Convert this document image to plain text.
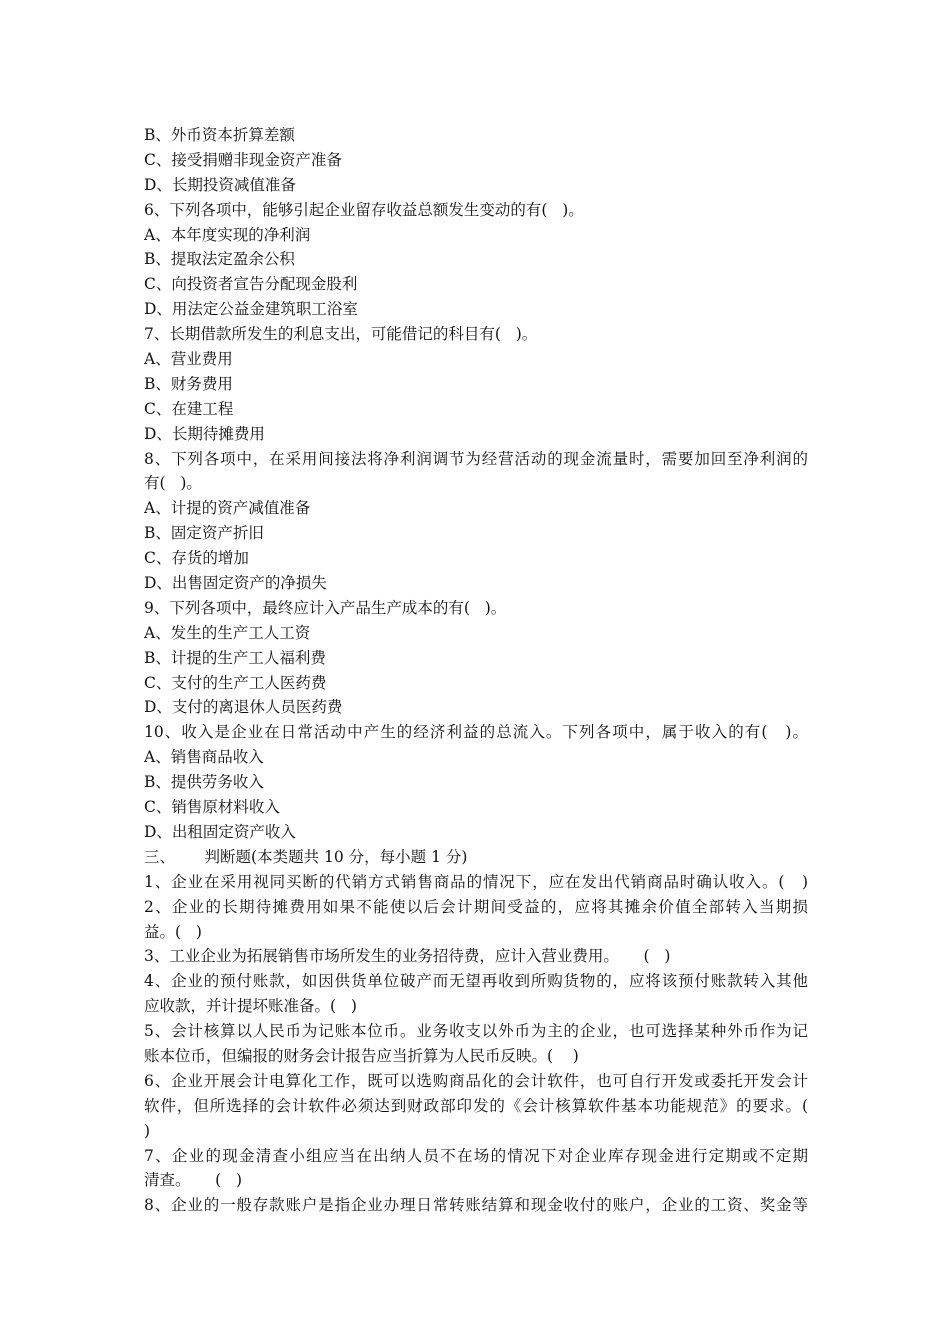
B、外币资本折算差额
C、接受捐赠非现金资产准备
D、长期投资减值准备
6、下列各项中，能够引起企业留存收益总额发生变动的有(   )。
A、本年度实现的净利润
B、提取法定盈余公积
C、向投资者宣告分配现金股利
D、用法定公益金建筑职工浴室
7、长期借款所发生的利息支出，可能借记的科目有(   )。
A、营业费用
B、财务费用
C、在建工程
D、长期待摊费用
8、下列各项中，在采用间接法将净利润调节为经营活动的现金流量时，需要加回至净利润的
有(   )。
A、计提的资产减值准备
B、固定资产折旧
C、存货的增加
D、出售固定资产的净损失
9、下列各项中，最终应计入产品生产成本的有(   )。
A、发生的生产工人工资
B、计提的生产工人福利费
C、支付的生产工人医药费
D、支付的离退休人员医药费
10、收入是企业在日常活动中产生的经济利益的总流入。下列各项中，属于收入的有(   )。
A、销售商品收入
B、提供劳务收入
C、销售原材料收入
D、出租固定资产收入
三、      判断题(本类题共 10 分，每小题 1 分)
1、企业在采用视同买断的代销方式销售商品的情况下，应在发出代销商品时确认收入。(   )
2、企业的长期待摊费用如果不能使以后会计期间受益的，应将其摊余价值全部转入当期损
益。(   )
3、工业企业为拓展销售市场所发生的业务招待费，应计入营业费用。     (   )
4、企业的预付账款，如因供货单位破产而无望再收到所购货物的，应将该预付账款转入其他
应收款，并计提坏账准备。(   )
5、会计核算以人民币为记账本位币。业务收支以外币为主的企业，也可选择某种外币作为记
账本位币，但编报的财务会计报告应当折算为人民币反映。(    )
6、企业开展会计电算化工作，既可以选购商品化的会计软件，也可自行开发或委托开发会计
软件，但所选择的会计软件必须达到财政部印发的《会计核算软件基本功能规范》的要求。(
)
7、企业的现金清查小组应当在出纳人员不在场的情况下对企业库存现金进行定期或不定期
清查。     (   )
8、企业的一般存款账户是指企业办理日常转账结算和现金收付的账户，企业的工资、奖金等
